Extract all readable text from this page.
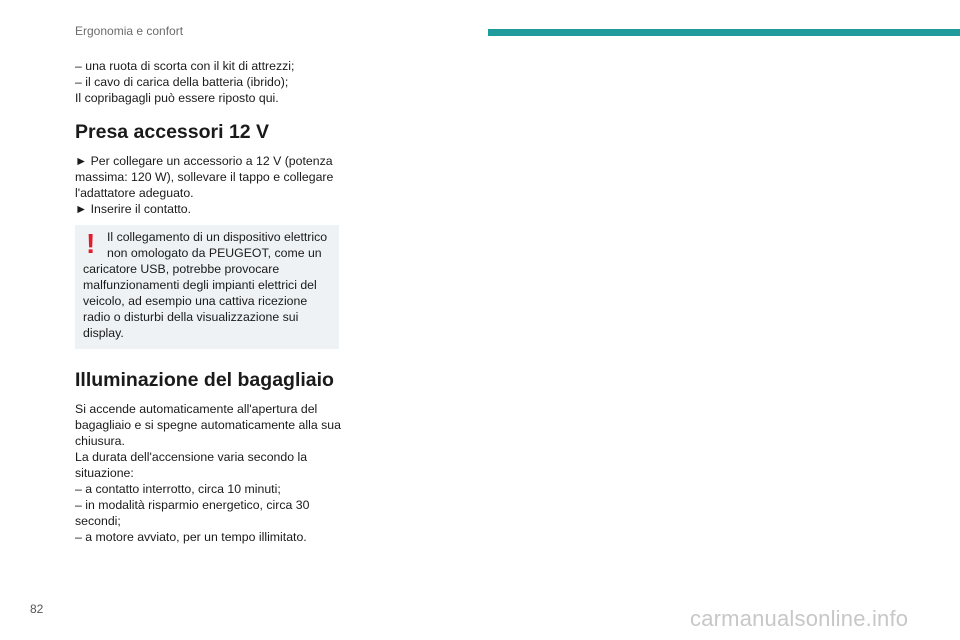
Ergonomia e confort
– una ruota di scorta con il kit di attrezzi;
– il cavo di carica della batteria (ibrido);
Il copribagagli può essere riposto qui.
Presa accessori 12 V
► Per collegare un accessorio a 12 V (potenza
massima: 120 W), sollevare il tappo e collegare
l'adattatore adeguato.
► Inserire il contatto.
! Il collegamento di un dispositivo elettrico
non omologato da PEUGEOT, come un
caricatore USB, potrebbe provocare
malfunzionamenti degli impianti elettrici del
veicolo, ad esempio una cattiva ricezione
radio o disturbi della visualizzazione sui
display.
Illuminazione del bagagliaio
Si accende automaticamente all'apertura del
bagagliaio e si spegne automaticamente alla sua
chiusura.
La durata dell'accensione varia secondo la
situazione:
– a contatto interrotto, circa 10 minuti;
– in modalità risparmio energetico, circa 30
secondi;
– a motore avviato, per un tempo illimitato.
82	carmanualsonline.info
